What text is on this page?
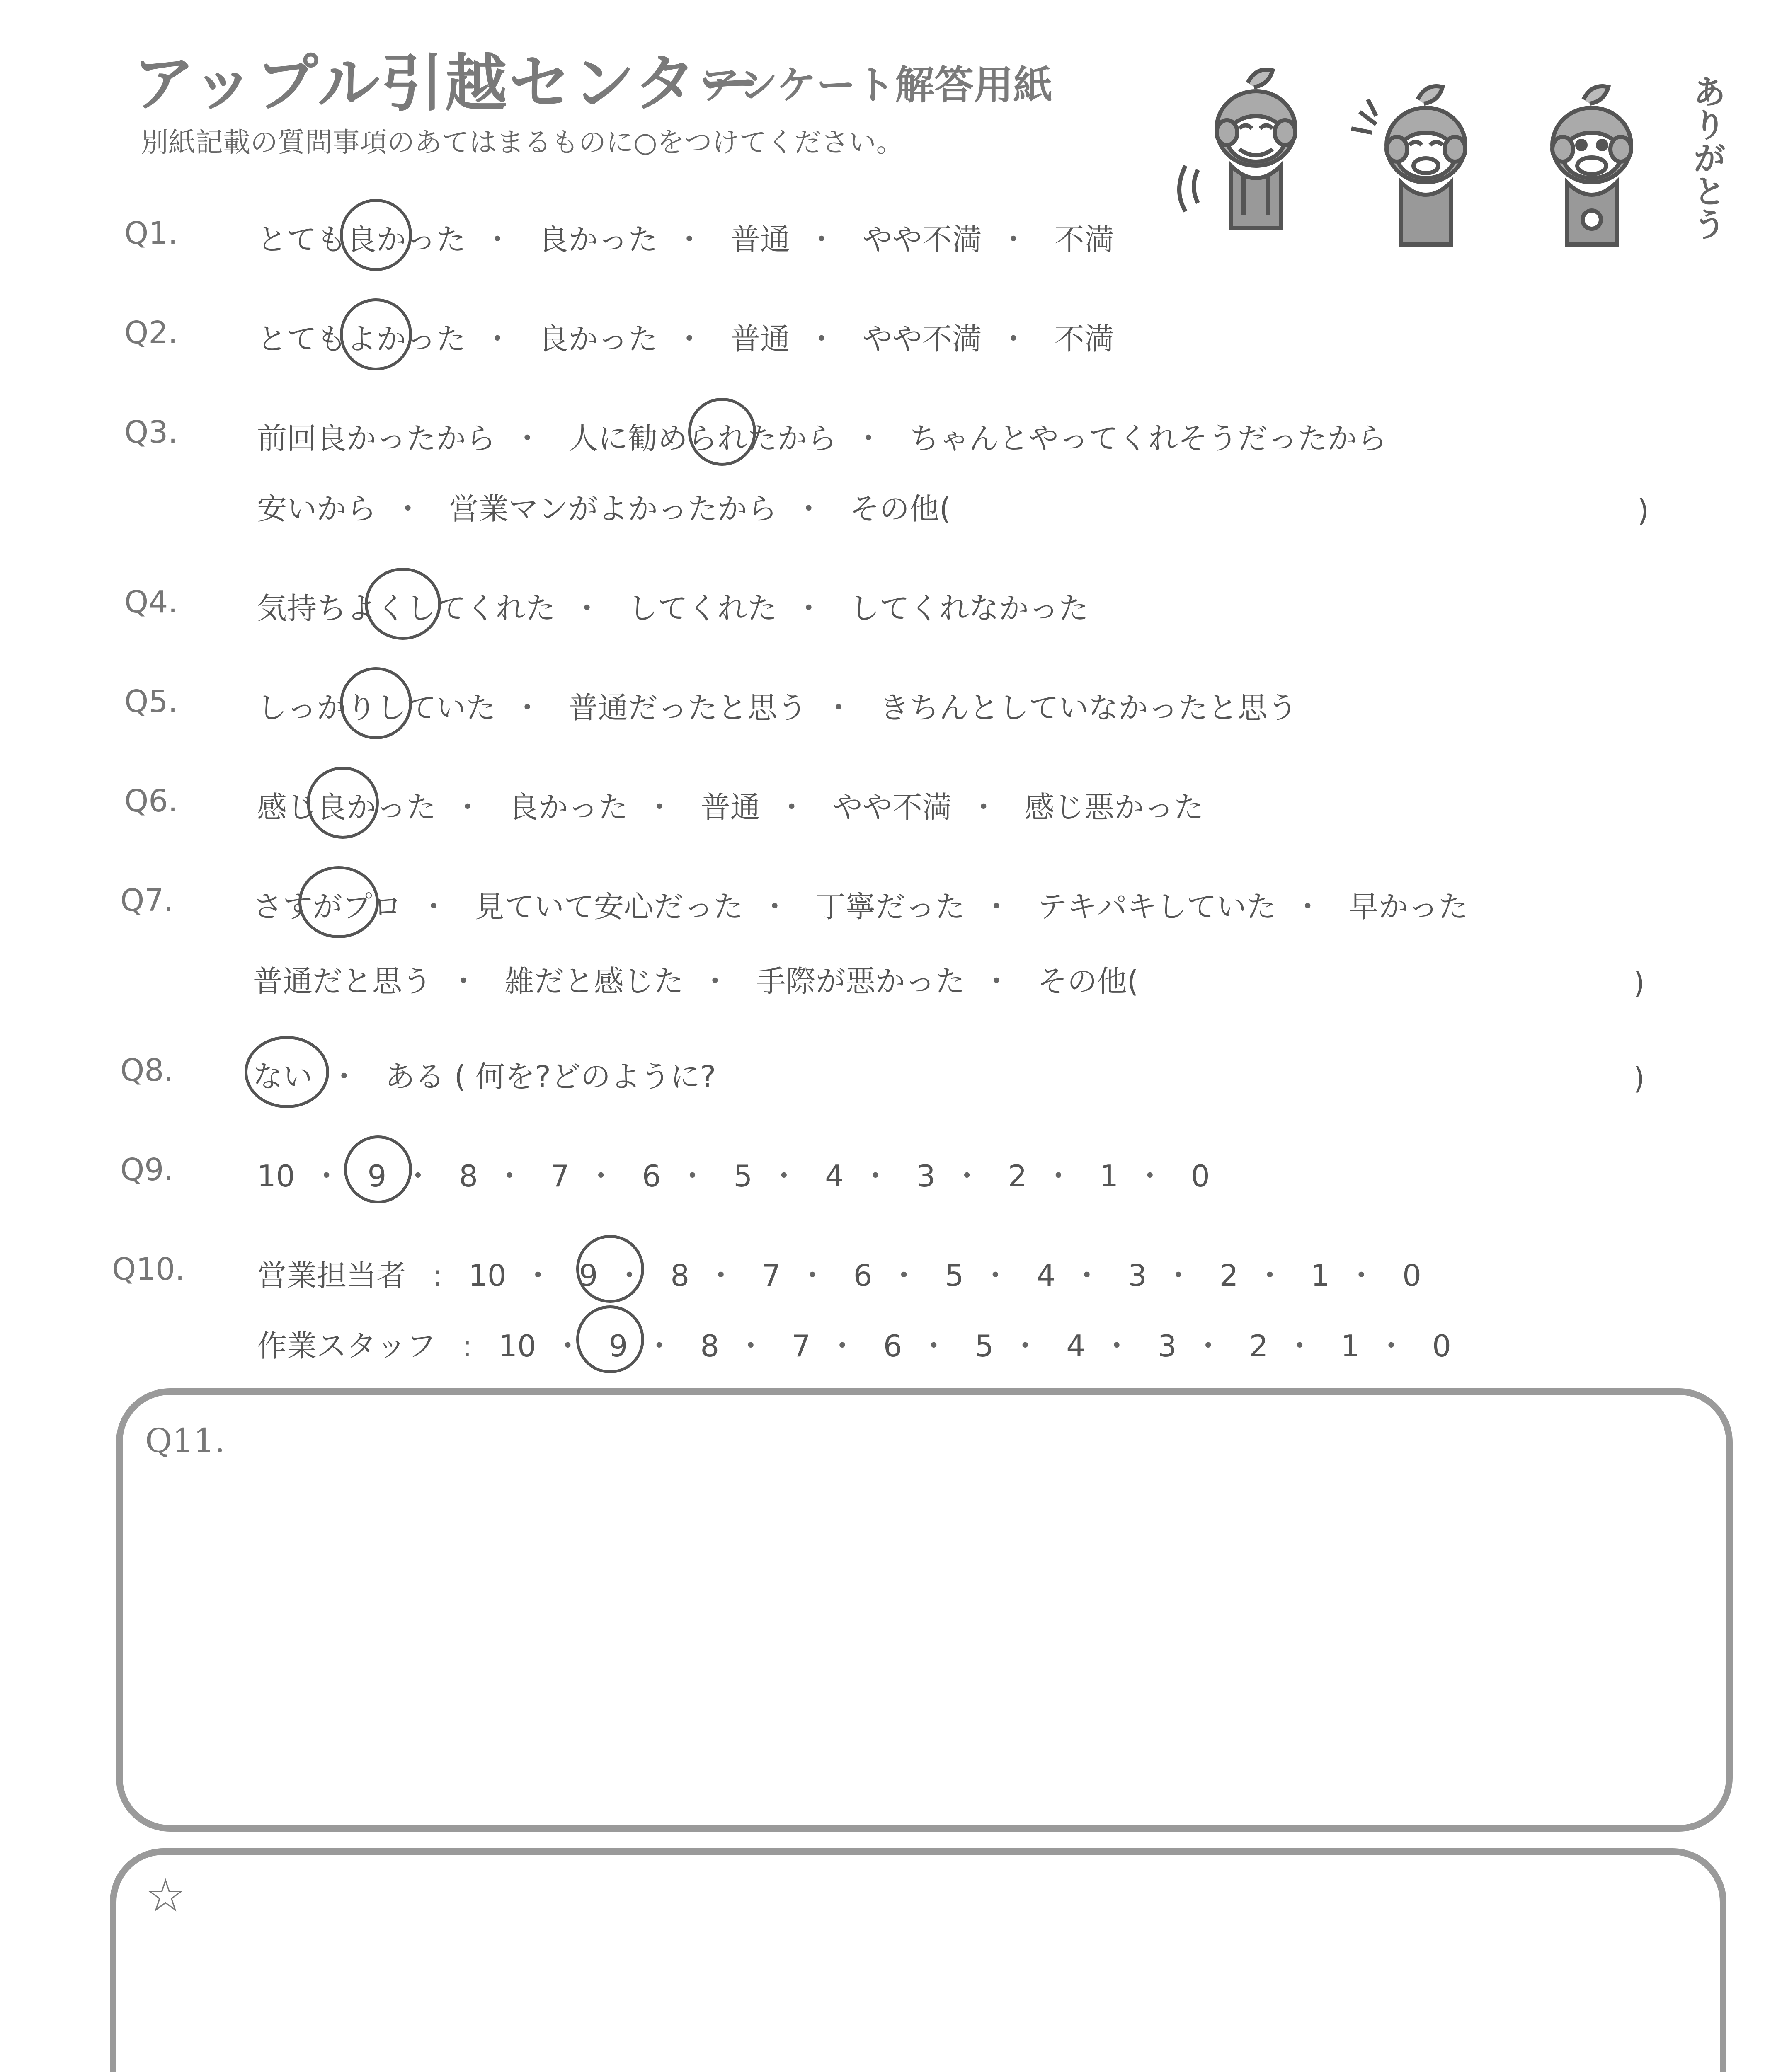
アップル引越センター
アンケート解答用紙
別紙記載の質問事項のあてはまるものに○をつけてください。	ありがとう
Q1.	とても良かった ・ 良かった ・ 普通 ・ やや不満 ・ 不満
Q2.	とてもよかった ・ 良かった ・ 普通 ・ やや不満 ・ 不満
Q3.	前回良かったから ・ 人に勧められたから ・ ちゃんとやってくれそうだったから
安いから ・ 営業マンがよかったから ・ その他(	)
Q4.	気持ちよくしてくれた ・ してくれた ・ してくれなかった
Q5.	しっかりしていた ・ 普通だったと思う ・ きちんとしていなかったと思う
Q6.	感じ良かった ・ 良かった ・ 普通 ・ やや不満 ・ 感じ悪かった
Q7.	さすがプロ ・ 見ていて安心だった ・ 丁寧だった ・ テキパキしていた ・ 早かった
普通だと思う ・ 雑だと感じた ・ 手際が悪かった ・ その他(	)
Q8.	ない ・ ある ( 何を?どのように?	)
Q9.	10 ・ 9 ・ 8 ・ 7 ・ 6 ・ 5 ・ 4 ・ 3 ・ 2 ・ 1 ・ 0
Q10. 営業担当者 : 10 ・ 9 ・ 8 ・ 7 ・ 6 ・ 5 ・ 4 ・ 3 ・ 2 ・ 1 ・ 0
作業スタッフ : 10 ・ 9 ・ 8 ・ 7 ・ 6 ・ 5 ・ 4 ・ 3 ・ 2 ・ 1 ・ 0
Q11.
☆
